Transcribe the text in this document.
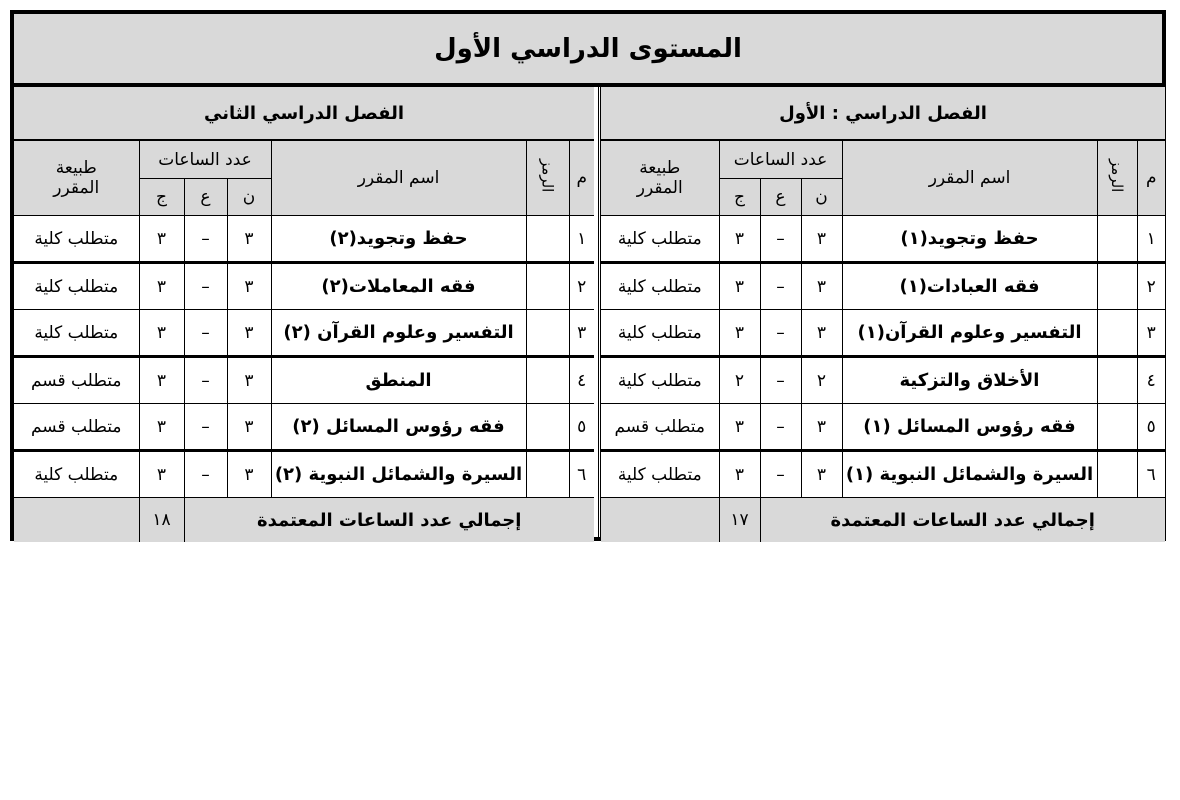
المستوى الدراسي الأول
الفصل الدراسي : الأول						
م	الرمز	اسم المقرر	عدد الساعات			طبيعة
المقرر

			ن	ع	ج	
١		حفظ وتجويد(١)	٣	–	٣	متطلب كلية
٢		فقه العبادات(١)	٣	–	٣	متطلب كلية
٣		التفسير وعلوم القرآن(١)	٣	–	٣	متطلب كلية
٤		الأخلاق والتزكية	٢	–	٢	متطلب كلية
٥		فقه رؤوس المسائل (١)	٣	–	٣	متطلب قسم
٦		السيرة والشمائل النبوية (١)	٣	–	٣	متطلب كلية
إجمالي عدد الساعات المعتمدة					١٧	
الفصل الدراسي الثاني						
م	الرمز	اسم المقرر	عدد الساعات			طبيعة
المقرر

			ن	ع	ج	
١		حفظ وتجويد(٢)	٣	–	٣	متطلب كلية
٢		فقه المعاملات(٢)	٣	–	٣	متطلب كلية
٣		التفسير وعلوم القرآن (٢)	٣	–	٣	متطلب كلية
٤		المنطق	٣	–	٣	متطلب قسم
٥		فقه رؤوس المسائل (٢)	٣	–	٣	متطلب قسم
٦		السيرة والشمائل النبوية (٢)	٣	–	٣	متطلب كلية
إجمالي عدد الساعات المعتمدة					١٨	
